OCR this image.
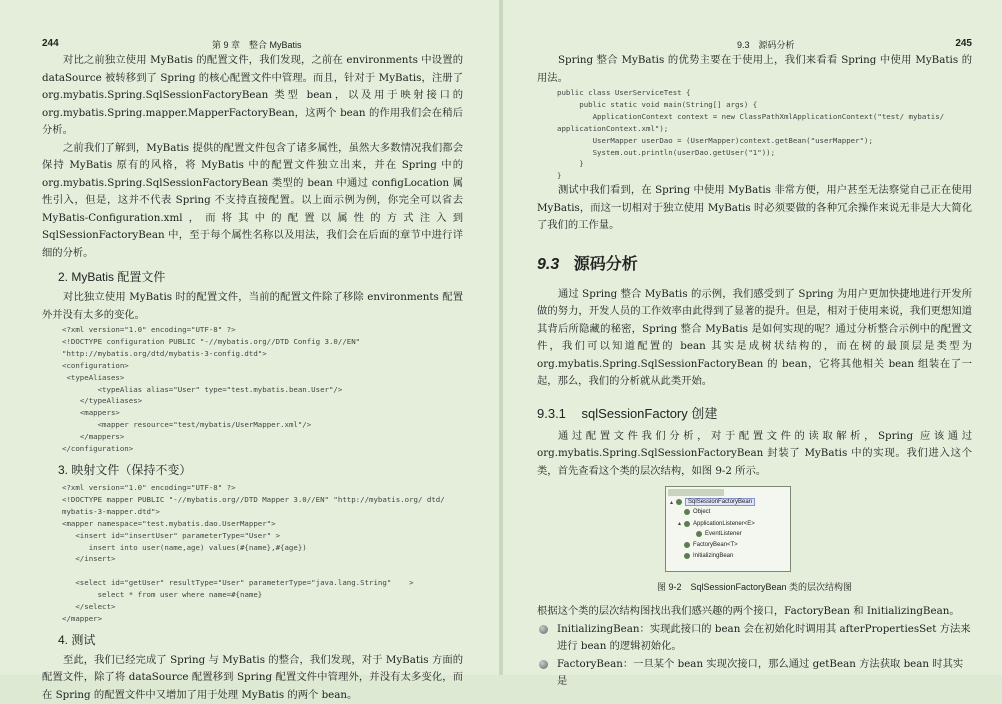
244	第 9 章　整合 MyBatis

对比之前独立使用 MyBatis 的配置文件，我们发现，之前在 environments 中设置的 dataSource 被转移到了 Spring 的核心配置文件中管理。而且，针对于 MyBatis，注册了 org.mybatis.Spring.SqlSessionFactoryBean 类型 bean，以及用于映射接口的 org.mybatis.Spring.mapper.MapperFactoryBean，这两个 bean 的作用我们会在稍后分析。

之前我们了解到，MyBatis 提供的配置文件包含了诸多属性，虽然大多数情况我们都会保持 MyBatis 原有的风格，将 MyBatis 中的配置文件独立出来，并在 Spring 中的 org.mybatis.Spring.SqlSessionFactoryBean 类型的 bean 中通过 configLocation 属性引入，但是，这并不代表 Spring 不支持直接配置。以上面示例为例，你完全可以省去 MyBatis-Configuration.xml，而将其中的配置以属性的方式注入到 SqlSessionFactoryBean 中，至于每个属性名称以及用法，我们会在后面的章节中进行详细的分析。

2. MyBatis 配置文件

对比独立使用 MyBatis 时的配置文件，当前的配置文件除了移除 environments 配置外并没有太多的变化。

<?xml version="1.0" encoding="UTF-8" ?>
<!DOCTYPE configuration PUBLIC "-//mybatis.org//DTD Config 3.0//EN"
"http://mybatis.org/dtd/mybatis-3-config.dtd">
<configuration>
<typeAliases>
<typeAlias alias="User" type="test.mybatis.bean.User"/>
</typeAliases>
<mappers>
<mapper resource="test/mybatis/UserMapper.xml"/>
</mappers>
</configuration>
3. 映射文件（保持不变）
<?xml version="1.0" encoding="UTF-8" ?>
<!DOCTYPE mapper PUBLIC "-//mybatis.org//DTD Mapper 3.0//EN" "http://mybatis.org/ dtd/
mybatis-3-mapper.dtd">
<mapper namespace="test.mybatis.dao.UserMapper">
<insert id="insertUser" parameterType="User" >
insert into user(name,age) values(#{name},#{age})
</insert>

<select id="getUser" resultType="User" parameterType="java.lang.String"    >
select * from user where name=#{name}
</select>
</mapper>
4. 测试

至此，我们已经完成了 Spring 与 MyBatis 的整合，我们发现，对于 MyBatis 方面的配置文件，除了将 dataSource 配置移到 Spring 配置文件中管理外，并没有太多变化，而在 Spring 的配置文件中又增加了用于处理 MyBatis 的两个 bean。

9.3　源码分析	245

Spring 整合 MyBatis 的优势主要在于使用上，我们来看看 Spring 中使用 MyBatis 的用法。

public class UserServiceTest {
public static void main(String[] args) {
ApplicationContext context = new ClassPathXmlApplicationContext("test/ mybatis/
applicationContext.xml");
UserMapper userDao = (UserMapper)context.getBean("userMapper");
System.out.println(userDao.getUser("1"));
}
}

测试中我们看到，在 Spring 中使用 MyBatis 非常方便，用户甚至无法察觉自己正在使用 MyBatis，而这一切相对于独立使用 MyBatis 时必须要做的各种冗余操作来说无非是大大简化了我们的工作量。

9.3 源码分析

通过 Spring 整合 MyBatis 的示例，我们感受到了 Spring 为用户更加快捷地进行开发所做的努力，开发人员的工作效率由此得到了显著的提升。但是，相对于使用来说，我们更想知道其背后所隐藏的秘密，Spring 整合 MyBatis 是如何实现的呢？通过分析整合示例中的配置文件，我们可以知道配置的 bean 其实是成树状结构的，而在树的最顶层是类型为 org.mybatis.Spring.SqlSessionFactoryBean 的 bean，它将其他相关 bean 组装在了一起，那么，我们的分析就从此类开始。

9.3.1 sqlSessionFactory 创建

通过配置文件我们分析，对于配置文件的读取解析，Spring 应该通过 org.mybatis.Spring.SqlSessionFactoryBean 封装了 MyBatis 中的实现。我们进入这个类，首先查看这个类的层次结构，如图 9-2 所示。

▴	SqlSessionFactoryBean
Object
▴ ApplicationListener<E>
EventListener
FactoryBean<T>
InitializingBean
图 9-2　SqlSessionFactoryBean 类的层次结构图

根据这个类的层次结构图找出我们感兴趣的两个接口，FactoryBean 和 InitializingBean。

InitializingBean：实现此接口的 bean 会在初始化时调用其 afterPropertiesSet 方法来进行 bean 的逻辑初始化。
FactoryBean：一旦某个 bean 实现次接口，那么通过 getBean 方法获取 bean 时其实是
